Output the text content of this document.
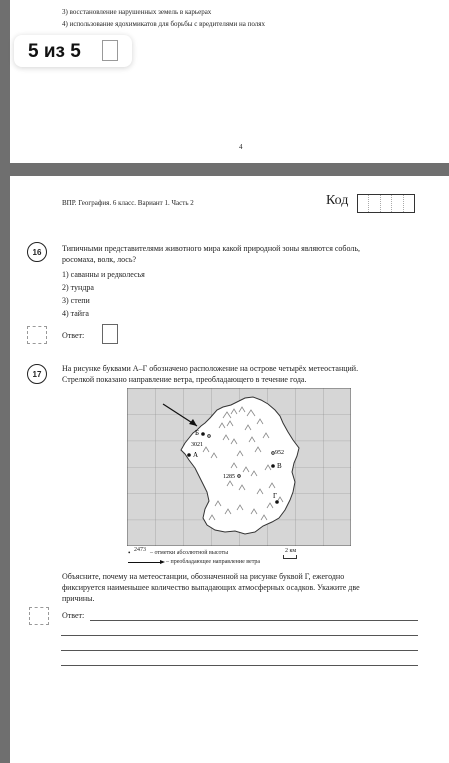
3) восстановление нарушенных земель в карьерах
4) использование ядохимикатов для борьбы с вредителями на полях
4
5 из 5
ВПР. География. 6 класс. Вариант 1. Часть 2	Код
16	Типичными представителями животного мира какой природной зоны являются соболь,
росомаха, волк, лось?
1) саванны и редколесья
2) тундра
3) степи
4) тайга
Ответ:
17
На рисунке буквами А–Г обозначено расположение на острове четырёх метеостанций.
Стрелкой показано направление ветра, преобладающего в течение года.
Б
А
В
Г
3021
952
1285
• 2473 – отметки абсолютной высоты	2 км
– преобладающее направление ветра
Объясните, почему на метеостанции, обозначенной на рисунке буквой Г, ежегодно
фиксируется наименьшее количество выпадающих атмосферных осадков. Укажите две
причины.
Ответ:
